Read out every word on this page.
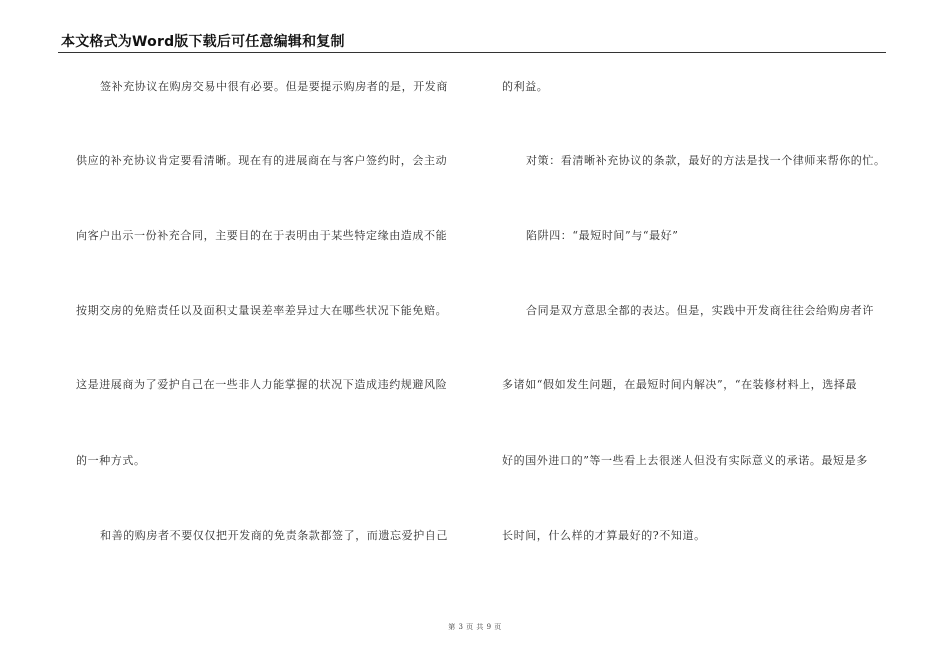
本文格式为Word版下载后可任意编辑和复制
签补充协议在购房交易中很有必要。但是要提示购房者的是，开发商
供应的补充协议肯定要看清晰。现在有的进展商在与客户签约时，会主动
向客户出示一份补充合同，主要目的在于表明由于某些特定缘由造成不能
按期交房的免赔责任以及面积丈量误差率差异过大在哪些状况下能免赔。
这是进展商为了爱护自己在一些非人力能掌握的状况下造成违约规避风险
的一种方式。
和善的购房者不要仅仅把开发商的免责条款都签了，而遗忘爱护自己
的利益。
对策：看清晰补充协议的条款，最好的方法是找一个律师来帮你的忙。
陷阱四：“最短时间”与“最好”
合同是双方意思全都的表达。但是，实践中开发商往往会给购房者许
多诸如“假如发生问题，在最短时间内解决”，“在装修材料上，选择最
好的国外进口的”等一些看上去很迷人但没有实际意义的承诺。最短是多
长时间，什么样的才算最好的?不知道。
第 3 页 共 9 页
